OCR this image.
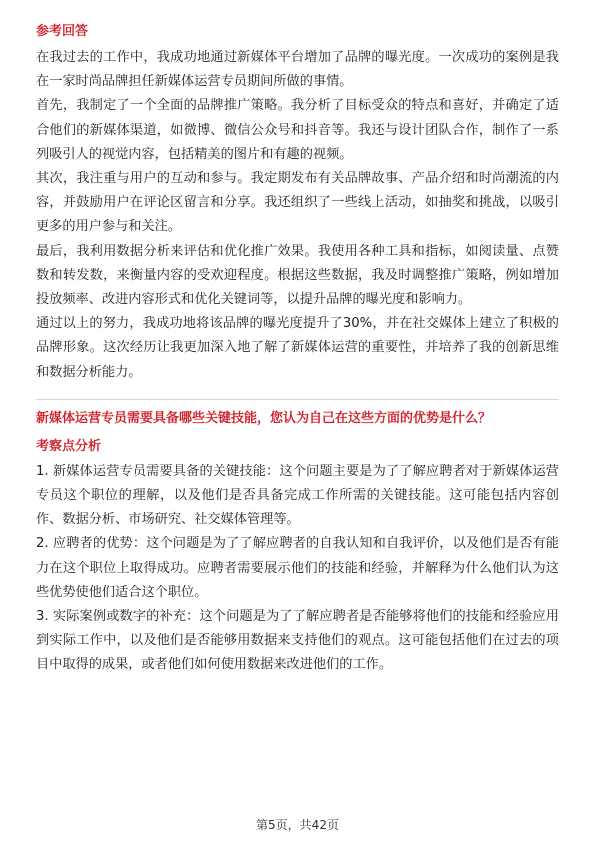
参考回答

在我过去的工作中，我成功地通过新媒体平台增加了品牌的曝光度。一次成功的案例是我在一家时尚品牌担任新媒体运营专员期间所做的事情。

首先，我制定了一个全面的品牌推广策略。我分析了目标受众的特点和喜好，并确定了适合他们的新媒体渠道，如微博、微信公众号和抖音等。我还与设计团队合作，制作了一系列吸引人的视觉内容，包括精美的图片和有趣的视频。

其次，我注重与用户的互动和参与。我定期发布有关品牌故事、产品介绍和时尚潮流的内容，并鼓励用户在评论区留言和分享。我还组织了一些线上活动，如抽奖和挑战，以吸引更多的用户参与和关注。

最后，我利用数据分析来评估和优化推广效果。我使用各种工具和指标，如阅读量、点赞数和转发数，来衡量内容的受欢迎程度。根据这些数据，我及时调整推广策略，例如增加投放频率、改进内容形式和优化关键词等，以提升品牌的曝光度和影响力。

通过以上的努力，我成功地将该品牌的曝光度提升了30%，并在社交媒体上建立了积极的品牌形象。这次经历让我更加深入地了解了新媒体运营的重要性，并培养了我的创新思维和数据分析能力。

新媒体运营专员需要具备哪些关键技能，您认为自己在这些方面的优势是什么？
考察点分析

1. 新媒体运营专员需要具备的关键技能：这个问题主要是为了了解应聘者对于新媒体运营专员这个职位的理解，以及他们是否具备完成工作所需的关键技能。这可能包括内容创作、数据分析、市场研究、社交媒体管理等。

2. 应聘者的优势：这个问题是为了了解应聘者的自我认知和自我评价，以及他们是否有能力在这个职位上取得成功。应聘者需要展示他们的技能和经验，并解释为什么他们认为这些优势使他们适合这个职位。

3. 实际案例或数字的补充：这个问题是为了了解应聘者是否能够将他们的技能和经验应用到实际工作中，以及他们是否能够用数据来支持他们的观点。这可能包括他们在过去的项目中取得的成果，或者他们如何使用数据来改进他们的工作。

第5页，共42页
